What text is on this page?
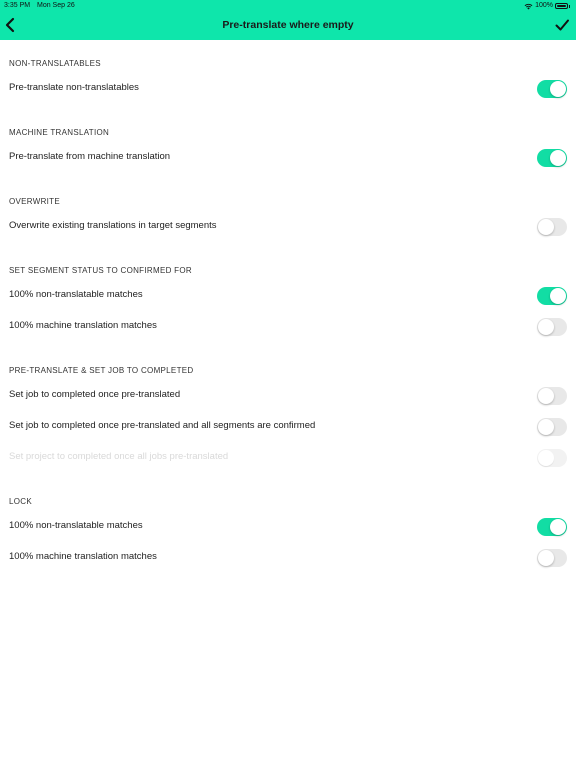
3:35 PM Mon Sep 26	100%
Pre-translate where empty
NON-TRANSLATABLES
Pre-translate non-translatables
MACHINE TRANSLATION
Pre-translate from machine translation
OVERWRITE
Overwrite existing translations in target segments
SET SEGMENT STATUS TO CONFIRMED FOR
100% non-translatable matches
100% machine translation matches
PRE-TRANSLATE & SET JOB TO COMPLETED
Set job to completed once pre-translated
Set job to completed once pre-translated and all segments are confirmed
Set project to completed once all jobs pre-translated
LOCK
100% non-translatable matches
100% machine translation matches
